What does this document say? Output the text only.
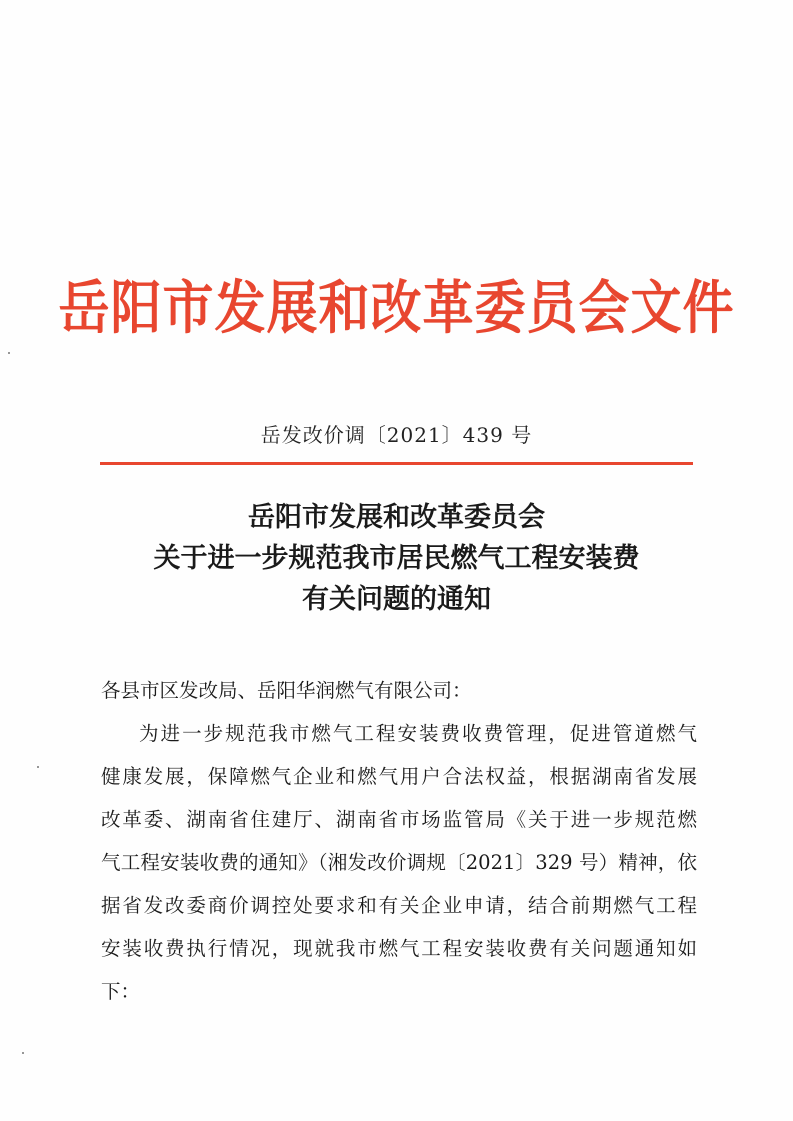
岳阳市发展和改革委员会文件
岳发改价调〔2021〕439 号
岳阳市发展和改革委员会
关于进一步规范我市居民燃气工程安装费
有关问题的通知
各县市区发改局、岳阳华润燃气有限公司：
为进一步规范我市燃气工程安装费收费管理，促进管道燃气
健康发展，保障燃气企业和燃气用户合法权益，根据湖南省发展
改革委、湖南省住建厅、湖南省市场监管局《关于进一步规范燃
气工程安装收费的通知》（湘发改价调规〔2021〕329 号）精神，依
据省发改委商价调控处要求和有关企业申请，结合前期燃气工程
安装收费执行情况，现就我市燃气工程安装收费有关问题通知如
下：
